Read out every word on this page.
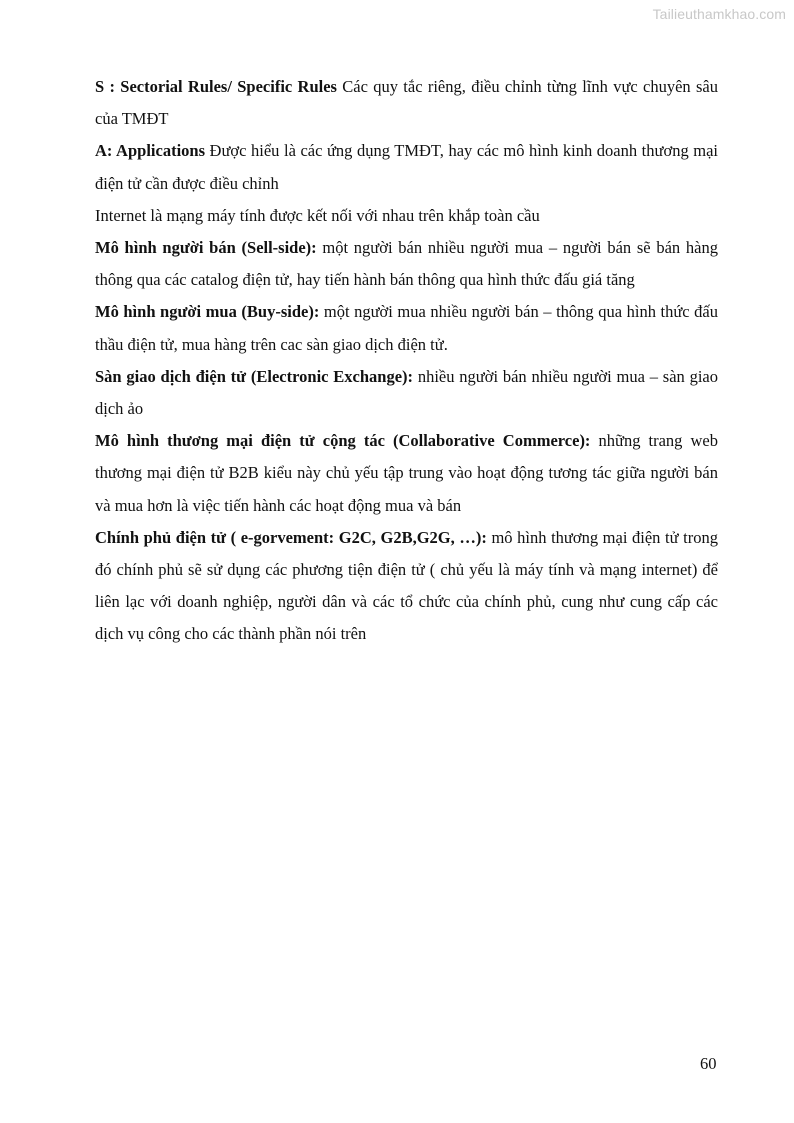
Tailieuthamkhao.com

S : Sectorial Rules/ Specific Rules Các quy tắc riêng, điều chỉnh từng lĩnh vực chuyên sâu của TMĐT

A: Applications Được hiểu là các ứng dụng TMĐT, hay các mô hình kinh doanh thương mại điện tử cần được điều chỉnh

Internet là mạng máy tính được kết nối với nhau trên khắp toàn cầu

Mô hình người bán (Sell-side): một người bán nhiều người mua – người bán sẽ bán hàng thông qua các catalog điện tử, hay tiến hành bán thông qua hình thức đấu giá tăng

Mô hình người mua (Buy-side): một người mua nhiều người bán – thông qua hình thức đấu thầu điện tử, mua hàng trên cac sàn giao dịch điện tử.

Sàn giao dịch điện tử (Electronic Exchange): nhiều người bán nhiều người mua – sàn giao dịch ảo

Mô hình thương mại điện tử cộng tác (Collaborative Commerce): những trang web thương mại điện tử B2B kiểu này chủ yếu tập trung vào hoạt động tương tác giữa người bán và mua hơn là việc tiến hành các hoạt động mua và bán

Chính phủ điện tử ( e-gorvement: G2C, G2B,G2G, …): mô hình thương mại điện tử trong đó chính phủ sẽ sử dụng các phương tiện điện tử ( chủ yếu là máy tính và mạng internet) để liên lạc với doanh nghiệp, người dân và các tổ chức của chính phủ, cung như cung cấp các dịch vụ công cho các thành phần nói trên

60
